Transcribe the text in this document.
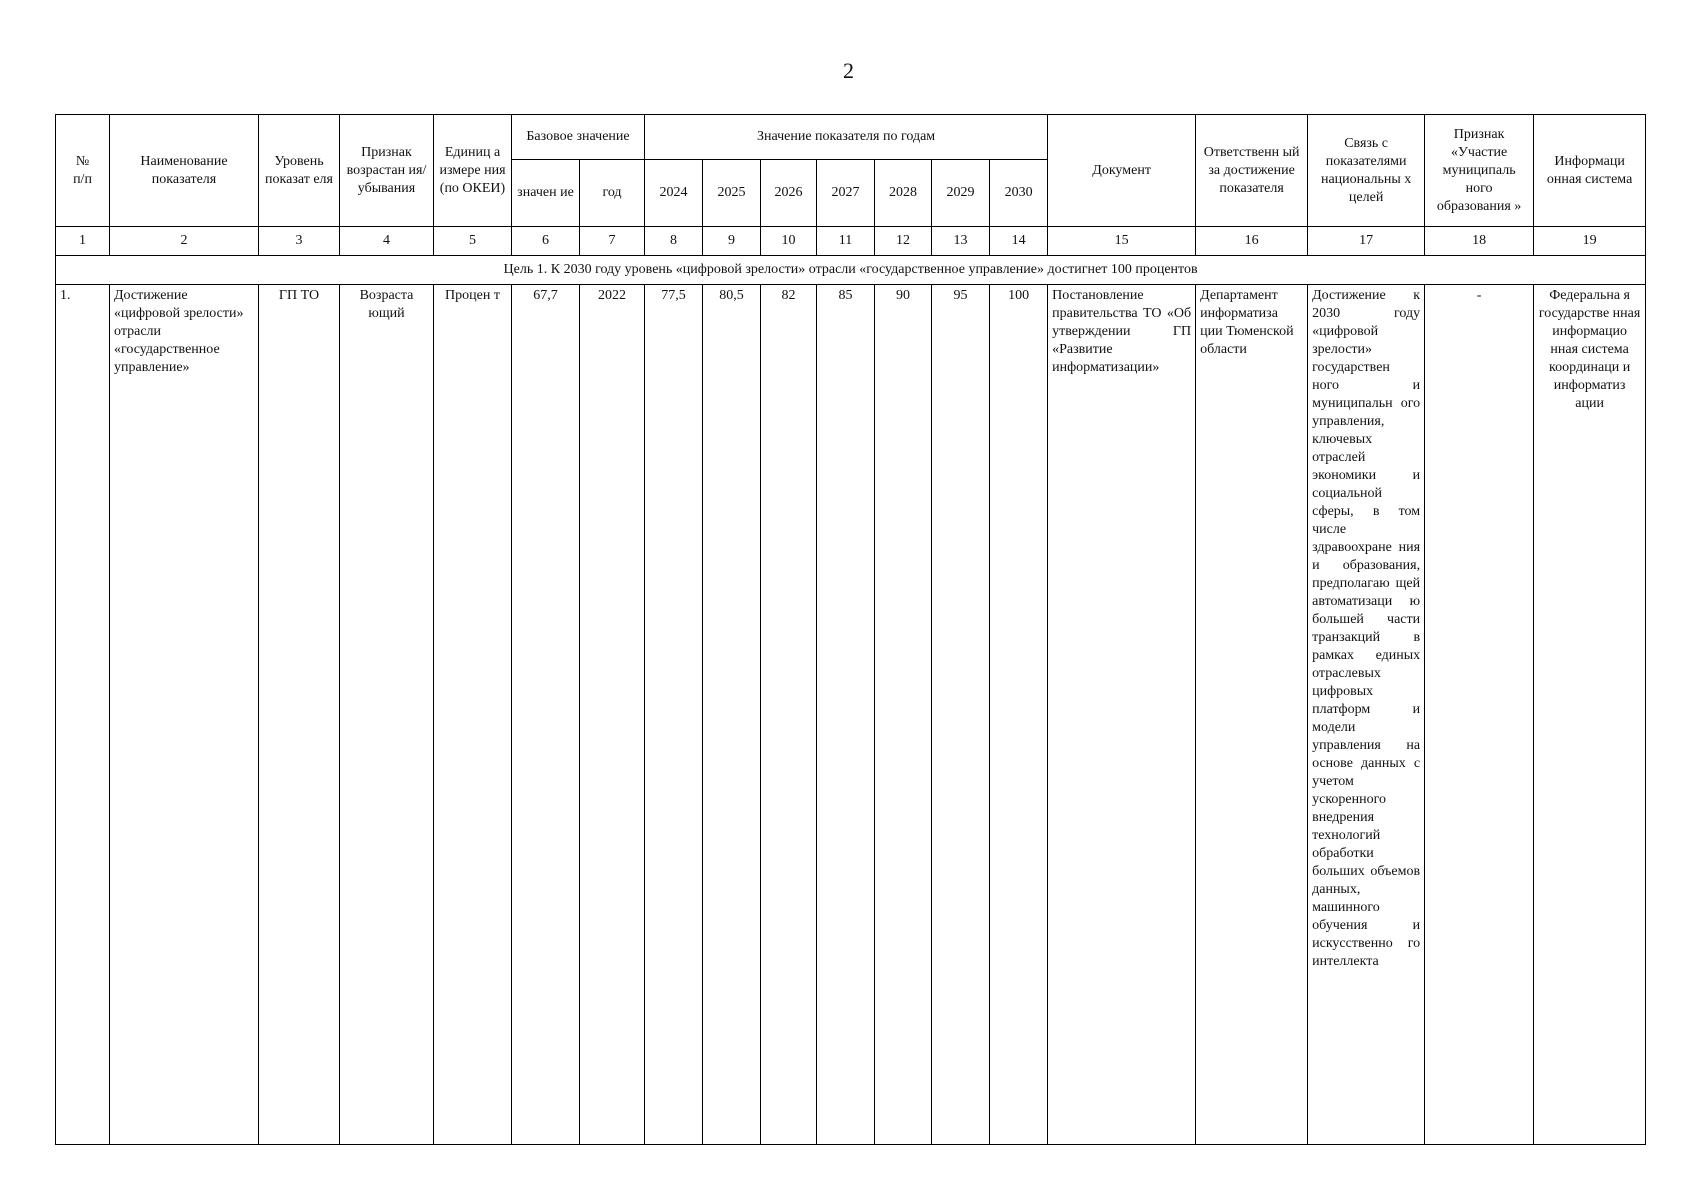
2
№
п/п	Наименование показателя	Уровень показат еля	Признак возрастан ия/ убывания	Единиц а измере ния (по ОКЕИ)	Базовое значение		Значение показателя по годам							Документ	Ответственн ый за достижение показателя	Связь с показателями национальны х целей	Признак «Участие муниципаль ного образования »	Информаци онная система
					значен ие	год	2024	2025	2026	2027	2028	2029	2030					
1	2	3	4	5	6	7	8	9	10	11	12	13	14	15	16	17	18	19
Цель 1. К 2030 году уровень «цифровой зрелости» отрасли «государственное управление» достигнет 100 процентов																		
1.	Достижение «цифровой зрелости» отрасли «государственное управление»	ГП ТО	Возраста ющий	Процен т	67,7	2022	77,5	80,5	82	85	90	95	100	Постановление правительства ТО «Об утверждении ГП «Развитие информатизации»	Департамент информатиза ции Тюменской области	Достижение к 2030 году «цифровой зрелости» государствен ного и муниципальн ого управления, ключевых отраслей экономики и социальной сферы, в том числе здравоохране ния и образования, предполагаю щей автоматизаци ю большей части транзакций в рамках единых отраслевых цифровых платформ и модели управления на основе данных с учетом ускоренного внедрения технологий обработки больших объемов данных, машинного обучения и искусственно го интеллекта	-	Федеральна я государстве нная информацио нная система координаци и информатиз ации
